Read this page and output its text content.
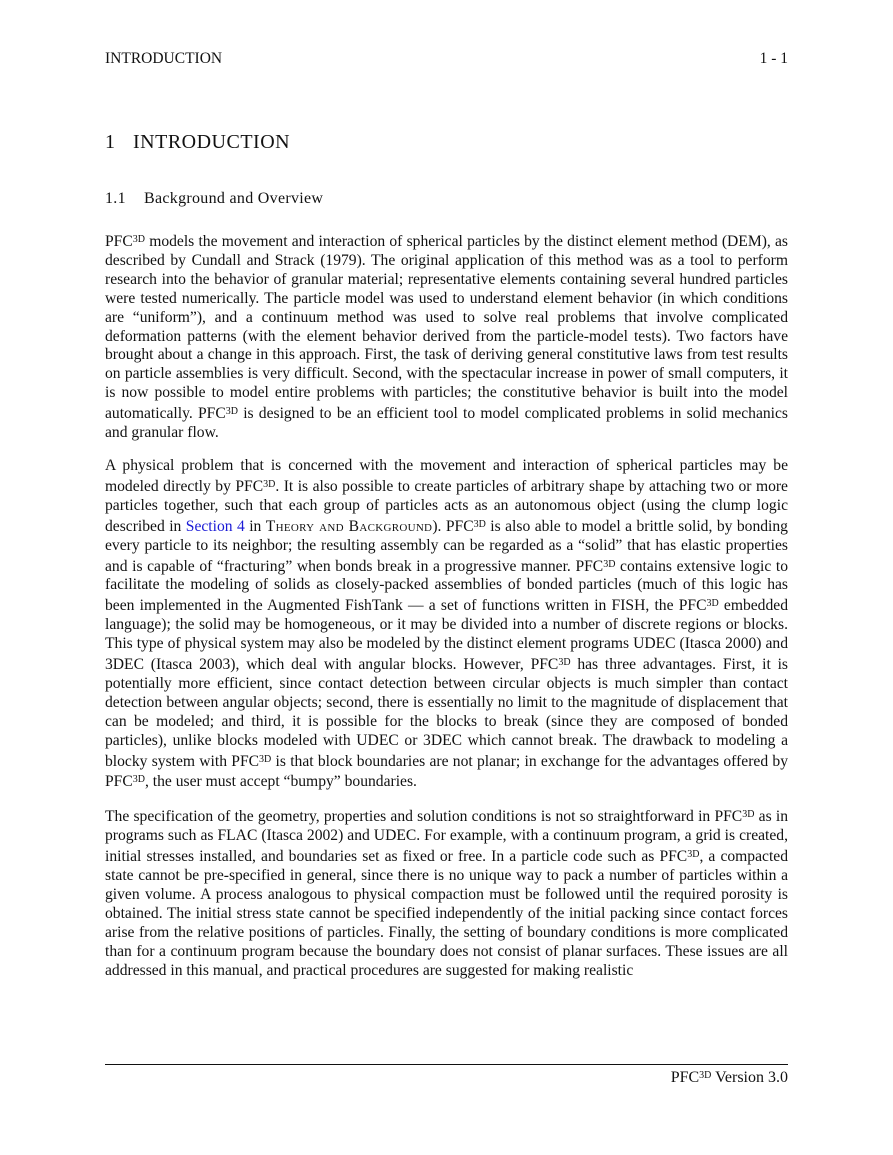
INTRODUCTION	1 - 1
1 INTRODUCTION
1.1 Background and Overview

$PFC^{3D}$ models the movement and interaction of spherical particles by the distinct element method (DEM), as described by Cundall and Strack (1979). The original application of this method was as a tool to perform research into the behavior of granular material; representative elements containing several hundred particles were tested numerically. The particle model was used to understand element behavior (in which conditions are “uniform”), and a continuum method was used to solve real problems that involve complicated deformation patterns (with the element behavior derived from the particle-model tests). Two factors have brought about a change in this approach. First, the task of deriving general constitutive laws from test results on particle assemblies is very difficult. Second, with the spectacular increase in power of small computers, it is now possible to model entire problems with particles; the constitutive behavior is built into the model automatically. $PFC^{3D}$ is designed to be an efficient tool to model complicated problems in solid mechanics and granular flow.

A physical problem that is concerned with the movement and interaction of spherical particles may be modeled directly by $PFC^{3D}$. It is also possible to create particles of arbitrary shape by attaching two or more particles together, such that each group of particles acts as an autonomous object (using the clump logic described in Section 4 in Theory and Background). $PFC^{3D}$ is also able to model a brittle solid, by bonding every particle to its neighbor; the resulting assembly can be regarded as a “solid” that has elastic properties and is capable of “fracturing” when bonds break in a progressive manner. $PFC^{3D}$ contains extensive logic to facilitate the modeling of solids as closely-packed assemblies of bonded particles (much of this logic has been implemented in the Augmented FishTank — a set of functions written in FISH, the $PFC^{3D}$ embedded language); the solid may be homogeneous, or it may be divided into a number of discrete regions or blocks. This type of physical system may also be modeled by the distinct element programs UDEC (Itasca 2000) and 3DEC (Itasca 2003), which deal with angular blocks. However, $PFC^{3D}$ has three advantages. First, it is potentially more efficient, since contact detection between circular objects is much simpler than contact detection between angular objects; second, there is essentially no limit to the magnitude of displacement that can be modeled; and third, it is possible for the blocks to break (since they are composed of bonded particles), unlike blocks modeled with UDEC or 3DEC which cannot break. The drawback to modeling a blocky system with $PFC^{3D}$ is that block boundaries are not planar; in exchange for the advantages offered by $PFC^{3D}$, the user must accept “bumpy” boundaries.

The specification of the geometry, properties and solution conditions is not so straightforward in $PFC^{3D}$ as in programs such as FLAC (Itasca 2002) and UDEC. For example, with a continuum program, a grid is created, initial stresses installed, and boundaries set as fixed or free. In a particle code such as $PFC^{3D}$, a compacted state cannot be pre-specified in general, since there is no unique way to pack a number of particles within a given volume. A process analogous to physical compaction must be followed until the required porosity is obtained. The initial stress state cannot be specified independently of the initial packing since contact forces arise from the relative positions of particles. Finally, the setting of boundary conditions is more complicated than for a continuum program because the boundary does not consist of planar surfaces. These issues are all addressed in this manual, and practical procedures are suggested for making realistic

$PFC^{3D}$ Version 3.0
